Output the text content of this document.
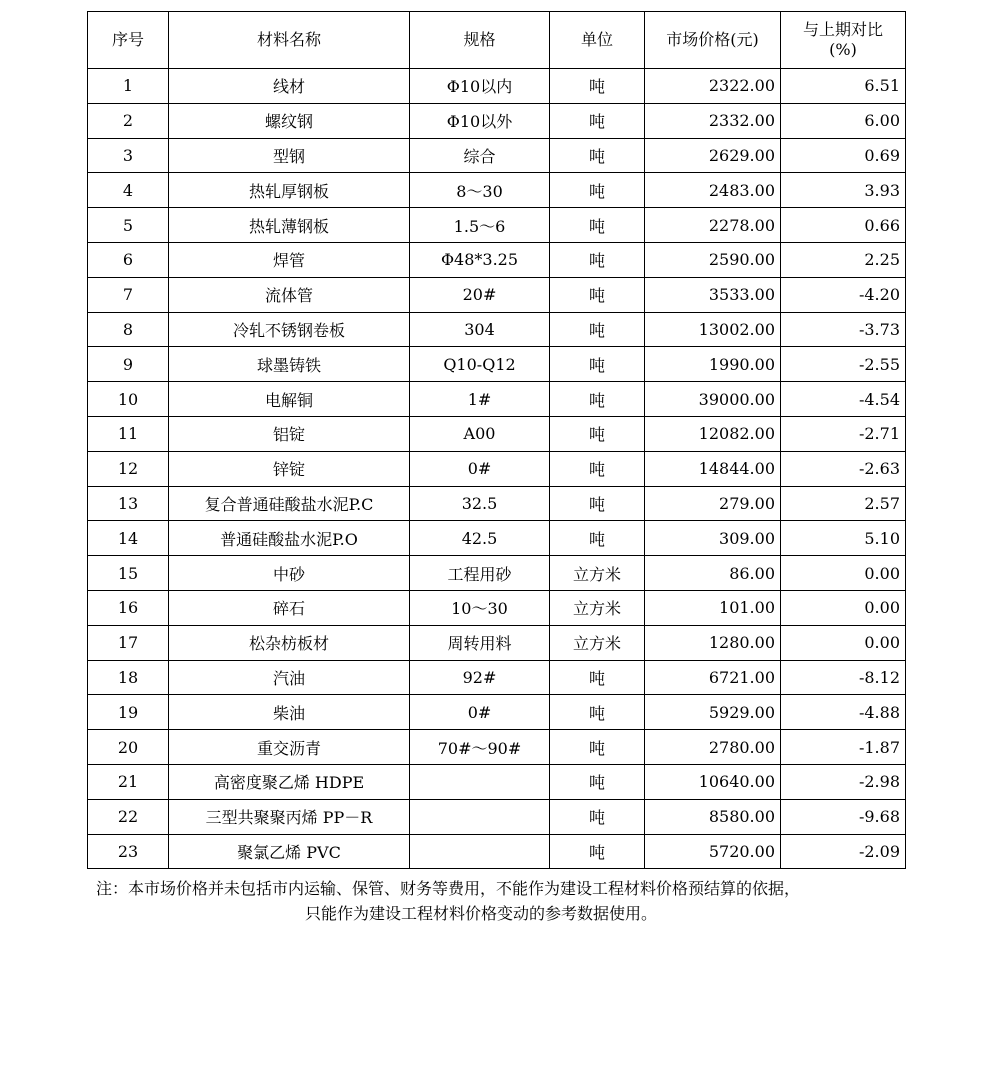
序号	材料名称	规格	单位	市场价格(元)	与上期对比
(%)

1	线材	Φ10以内	吨	2322.00	6.51
2	螺纹钢	Φ10以外	吨	2332.00	6.00
3	型钢	综合	吨	2629.00	0.69
4	热轧厚钢板	8～30	吨	2483.00	3.93
5	热轧薄钢板	1.5～6	吨	2278.00	0.66
6	焊管	Φ48*3.25	吨	2590.00	2.25
7	流体管	20#	吨	3533.00	-4.20
8	冷轧不锈钢卷板	304	吨	13002.00	-3.73
9	球墨铸铁	Q10-Q12	吨	1990.00	-2.55
10	电解铜	1#	吨	39000.00	-4.54
11	铝锭	A00	吨	12082.00	-2.71
12	锌锭	0#	吨	14844.00	-2.63
13	复合普通硅酸盐水泥P.C	32.5	吨	279.00	2.57
14	普通硅酸盐水泥P.O	42.5	吨	309.00	5.10
15	中砂	工程用砂	立方米	86.00	0.00
16	碎石	10～30	立方米	101.00	0.00
17	松杂枋板材	周转用料	立方米	1280.00	0.00
18	汽油	92#	吨	6721.00	-8.12
19	柴油	0#	吨	5929.00	-4.88
20	重交沥青	70#～90#	吨	2780.00	-1.87
21	高密度聚乙烯 HDPE		吨	10640.00	-2.98
22	三型共聚聚丙烯 PP－R		吨	8580.00	-9.68
23	聚氯乙烯 PVC		吨	5720.00	-2.09

注：本市场价格并未包括市内运输、保管、财务等费用，不能作为建设工程材料价格预结算的依据，

只能作为建设工程材料价格变动的参考数据使用。
